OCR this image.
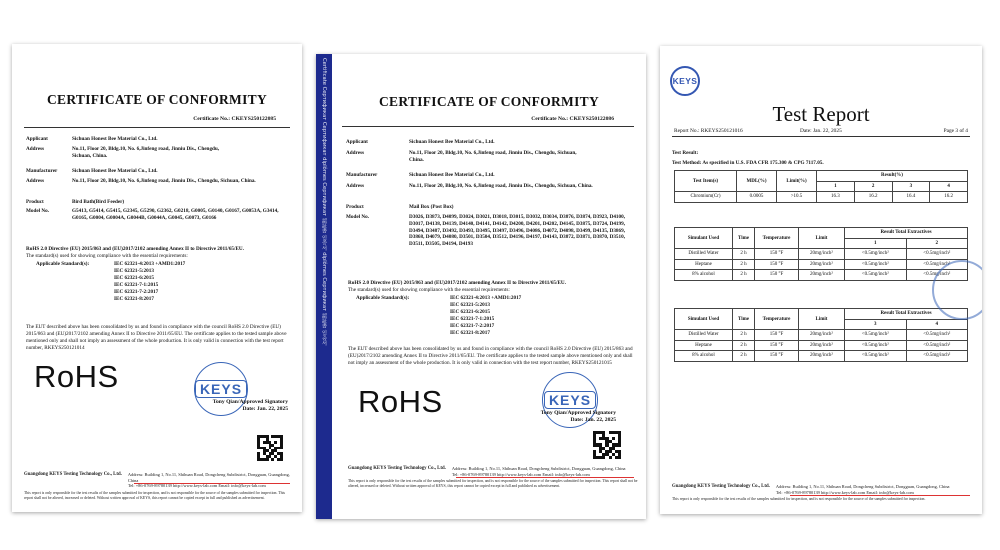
CERTIFICATE OF CONFORMITY
Certificate No.: CKEYS250122085
Applicant	Sichuan Honest Bee Material Co., Ltd.
Address	No.11, Floor 20, Bldg.10, No. 6,Jinfeng road, Jinniu Dis., Chengdu, Sichuan, China.
Manufacturer	Sichuan Honest Bee Material Co., Ltd.
Address	No.11, Floor 20, Bldg.10, No. 6,Jinfeng road, Jinniu Dis., Chengdu, Sichuan, China.
Product	Bird Bath(Bird Feeder)
Model No.	G5413, G5414, G5415, G2345, G5290, G2362, G0218, G0005, G0140, G0167, G0053A, G3414, G0165, G0004, G0004A, G0044B, G0044A, G0045, G0073, G0166
RoHS 2.0 Directive (EU) 2015/863 and (EU)2017/2102 amending Annex II to Directive 2011/65/EU.
The standard(s) used for showing compliance with the essential requirements:
Applicable Standard(s):	IEC 62321-4:2013 +AMD1:2017
IEC 62321-5:2013
IEC 62321-6:2015
IEC 62321-7-1:2015
IEC 62321-7-2:2017
IEC 62321-8:2017
The EUT described above has been consolidated by us and found in compliance with the council RoHS 2.0 Directive (EU) 2015/863 and (EU)2017/2102 amending Annex II to Directive 2011/65/EU. The certificate applies to the tested sample above mentioned only and shall not imply an assessment of the whole production. It is only valid in connection with the test report number, RKEYS250121014
RoHS	KEYS
Tony Qian/Approved Signatory
Date: Jan. 22, 2025
Guangdong KEYS Testing Technology Co., Ltd. Address: Building 1, No.11, Shihuan Road, Dongcheng Subdistrict, Dongguan, Guangdong, China
Tel: +86-0769-89780139 http://www.keys-lab.com Email: info@keys-lab.com
This report is only responsible for the test results of the samples submitted for inspection, and is not responsible for the source of the samples submitted for inspection. This report shall not be altered, increased or deleted. Without written approval of KEYS, this report cannot be copied except in full and published as advertisement.
Certificate Сертификат Сертификат diplômes Сертификат 認証書 인증서 diplômes Сертификат 認証書 인증서	CERTIFICATE OF CONFORMITY
Certificate No.: CKEYS250122086
Applicant	Sichuan Honest Bee Material Co., Ltd.
Address	No.11, Floor 20, Bldg.10, No. 6,Jinfeng road, Jinniu Dis., Chengdu, Sichuan, China.
Manufacturer	Sichuan Honest Bee Material Co., Ltd.
Address	No.11, Floor 20, Bldg.10, No. 6,Jinfeng road, Jinniu Dis., Chengdu, Sichuan, China.
Product	Mail Box (Post Box)
Model No.	D3026, D3873, D4099, D3024, D3021, D3018, D3015, D3032, D3034, D3876, D3874, D3923, D4100, D3017, D4138, D4139, D4140, D4141, D4142, D4200, D4201, D4202, D4145, D3875, D3724, D4199, D3494, D3487, D3492, D3493, D3495, D3497, D3496, D4086, D4072, D4098, D3499, D4135, D3869, D3868, D4079, D4080, D3501, D3504, D3512, D4196, D4197, D4143, D3872, D3871, D3870, D3510, D3511, D3505, D4194, D4193
RoHS 2.0 Directive (EU) 2015/863 and (EU)2017/2102 amending Annex II to Directive 2011/65/EU.
The standard(s) used for showing compliance with the essential requirements:
Applicable Standard(s):	IEC 62321-4:2013 +AMD1:2017
IEC 62321-5:2013
IEC 62321-6:2015
IEC 62321-7-1:2015
IEC 62321-7-2:2017
IEC 62321-8:2017
The EUT described above has been consolidated by us and found in compliance with the council RoHS 2.0 Directive (EU) 2015/863 and (EU)2017/2102 amending Annex II to Directive 2011/65/EU. The certificate applies to the tested sample above mentioned only and shall not imply an assessment of the whole production. It is only valid in connection with the test report number, RKEYS250121015
RoHS	KEYS
Tony Qian/Approved Signatory
Date: Jan. 22, 2025
Guangdong KEYS Testing Technology Co., Ltd. Address: Building 1, No.11, Shihuan Road, Dongcheng Subdistrict, Dongguan, Guangdong, China
Tel: +86-0769-89780139 http://www.keys-lab.com Email: info@keys-lab.com
This report is only responsible for the test results of the samples submitted for inspection, and is not responsible for the source of the samples submitted for inspection. This report shall not be altered, increased or deleted. Without written approval of KEYS, this report cannot be copied except in full and published as advertisement.
KEYS
Test Report
Report No.: RKEYS250121016	Date: Jan. 22, 2025	Page 3 of 4
Test Result:
Test Method: As specified in U.S. FDA CFR 175.300 & CPG 7117.05.
Test Item(s)	MDL(%)	Limit(%)	Result(%)			
			1	2	3	4
Chromium(Cr)	0.0005	>10.5	16.3	16.2	16.4	16.2
Simulant Used	Time	Temperature	Limit	Result Total Extractives	
				1	2
Distilled Water	2 h	150 °F	20mg/inch²	<0.5mg/inch²	<0.5mg/inch²
Heptane	2 h	150 °F	20mg/inch²	<0.5mg/inch²	<0.5mg/inch²
8% alcohol	2 h	150 °F	20mg/inch²	<0.5mg/inch²	<0.5mg/inch²
Simulant Used	Time	Temperature	Limit	Result Total Extractives	
				3	4
Distilled Water	2 h	150 °F	20mg/inch²	<0.5mg/inch²	<0.5mg/inch²
Heptane	2 h	150 °F	20mg/inch²	<0.5mg/inch²	<0.5mg/inch²
8% alcohol	2 h	150 °F	20mg/inch²	<0.5mg/inch²	<0.5mg/inch²
Guangdong KEYS Testing Technology Co., Ltd. Address: Building 1, No.11, Shihuan Road, Dongcheng Subdistrict, Dongguan, Guangdong, China
Tel: +86-0769-89780139 http://www.keys-lab.com Email: info@keys-lab.com
This report is only responsible for the test results of the samples submitted for inspection, and is not responsible for the source of the samples submitted for inspection.
